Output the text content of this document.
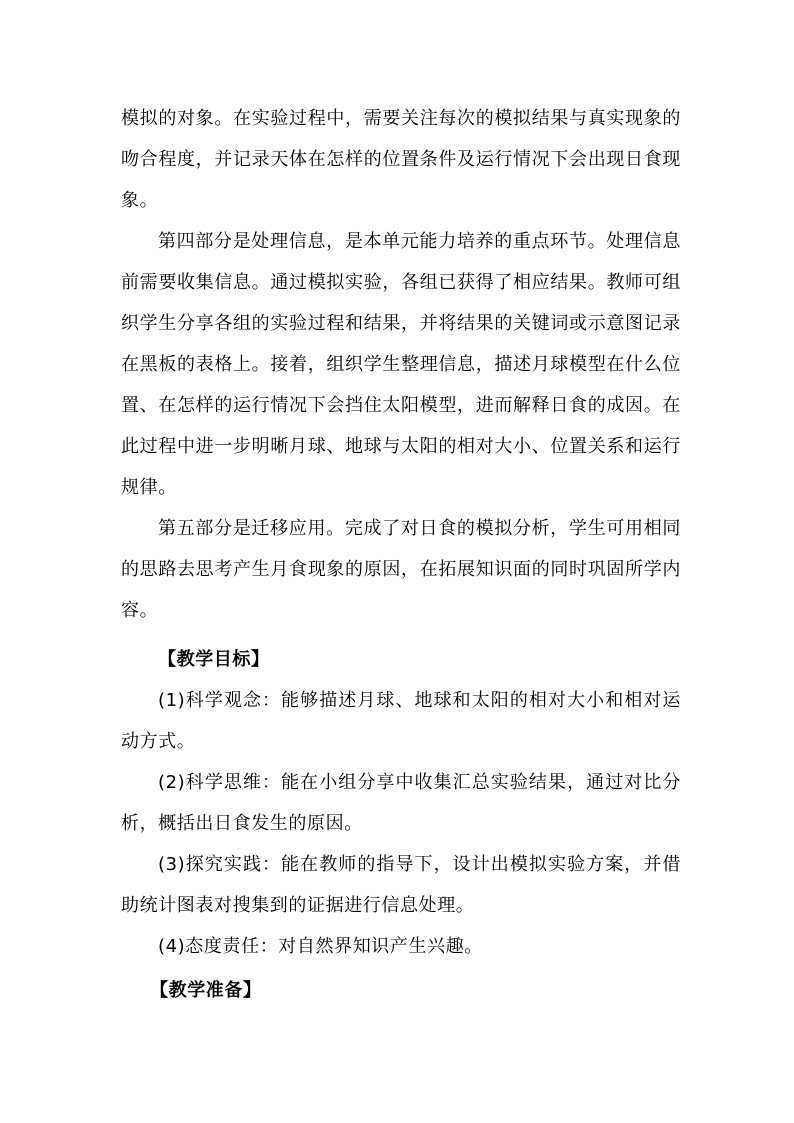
模拟的对象。在实验过程中，需要关注每次的模拟结果与真实现象的吻合程度，并记录天体在怎样的位置条件及运行情况下会出现日食现象。

第四部分是处理信息，是本单元能力培养的重点环节。处理信息前需要收集信息。通过模拟实验，各组已获得了相应结果。教师可组织学生分享各组的实验过程和结果，并将结果的关键词或示意图记录在黑板的表格上。接着，组织学生整理信息，描述月球模型在什么位置、在怎样的运行情况下会挡住太阳模型，进而解释日食的成因。在此过程中进一步明晰月球、地球与太阳的相对大小、位置关系和运行规律。

第五部分是迁移应用。完成了对日食的模拟分析，学生可用相同的思路去思考产生月食现象的原因，在拓展知识面的同时巩固所学内容。

【教学目标】

(1)科学观念：能够描述月球、地球和太阳的相对大小和相对运动方式。

(2)科学思维：能在小组分享中收集汇总实验结果，通过对比分析，概括出日食发生的原因。

(3)探究实践：能在教师的指导下，设计出模拟实验方案，并借助统计图表对搜集到的证据进行信息处理。

(4)态度责任：对自然界知识产生兴趣。

【教学准备】
